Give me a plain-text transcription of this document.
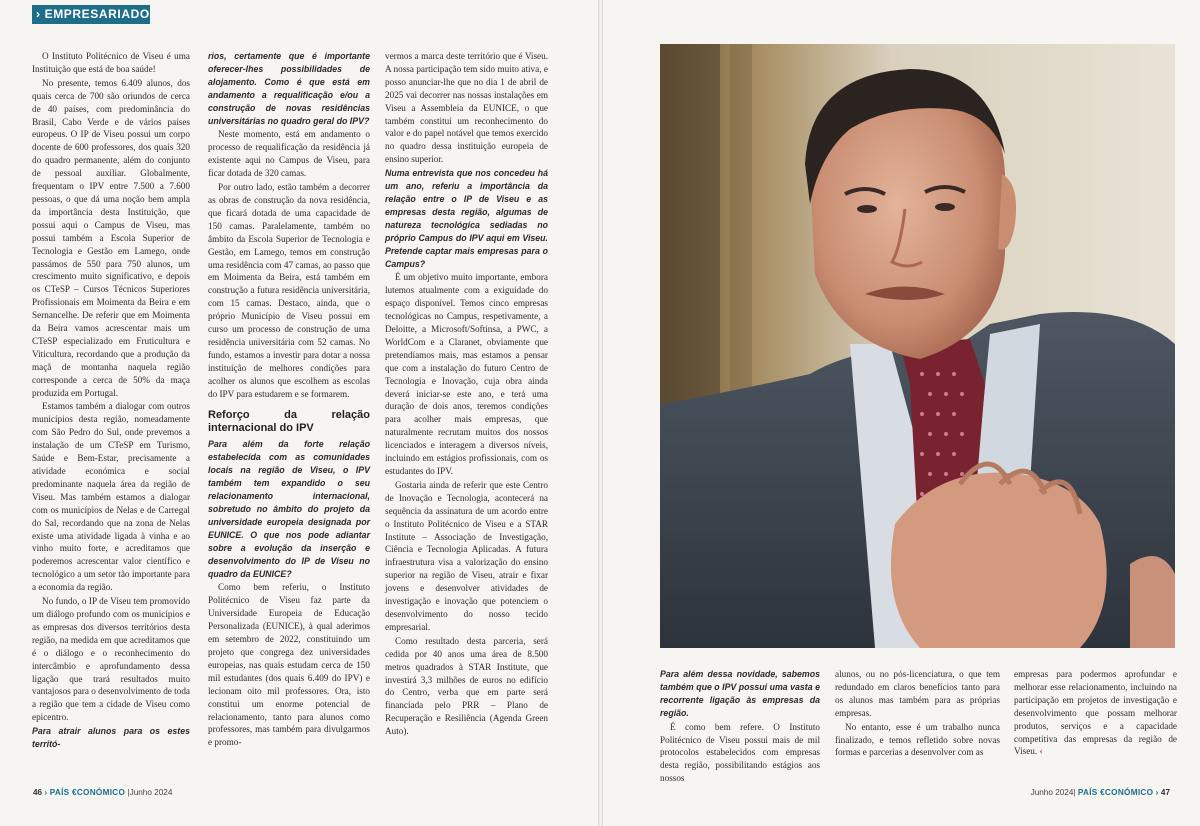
› EMPRESARIADO

O Instituto Politécnico de Viseu é uma Instituição que está de boa saúde!

No presente, temos 6.409 alunos, dos quais cerca de 700 são oriundos de cerca de 40 países, com predominância do Brasil, Cabo Verde e de vários países europeus. O IP de Viseu possui um corpo docente de 600 professores, dos quais 320 do quadro permanente, além do conjunto de pessoal auxiliar. Globalmente, frequentam o IPV entre 7.500 a 7.600 pessoas, o que dá uma noção bem ampla da importância desta Instituição, que possui aqui o Campus de Viseu, mas possui também a Escola Superior de Tecnologia e Gestão em Lamego, onde passámos de 550 para 750 alunos, um crescimento muito significativo, e depois os CTeSP – Cursos Técnicos Superiores Profissionais em Moimenta da Beira e em Sernancelhe. De referir que em Moimenta da Beira vamos acrescentar mais um CTeSP especializado em Fruticultura e Viticultura, recordando que a produção da maçã de montanha naquela região corresponde a cerca de 50% da maça produzida em Portugal.

Estamos também a dialogar com outros municípios desta região, nomeadamente com São Pedro do Sul, onde prevemos a instalação de um CTeSP em Turismo, Saúde e Bem-Estar, precisamente a atividade económica e social predominante naquela área da região de Viseu. Mas também estamos a dialogar com os municípios de Nelas e de Carregal do Sal, recordando que na zona de Nelas existe uma atividade ligada à vinha e ao vinho muito forte, e acreditamos que poderemos acrescentar valor científico e tecnológico a um setor tão importante para a economia da região.

No fundo, o IP de Viseu tem promovido um diálogo profundo com os municípios e as empresas dos diversos territórios desta região, na medida em que acreditamos que é o diálogo e o reconhecimento do intercâmbio e aprofundamento dessa ligação que trará resultados muito vantajosos para o desenvolvimento de toda a região que tem a cidade de Viseu como epicentro.

Para atrair alunos para os estes territó-

rios, certamente que é importante oferecer-lhes possibilidades de alojamento. Como é que está em andamento a requalificação e/ou a construção de novas residências universitárias no quadro geral do IPV?

Neste momento, está em andamento o processo de requalificação da residência já existente aqui no Campus de Viseu, para ficar dotada de 320 camas.

Por outro lado, estão também a decorrer as obras de construção da nova residência, que ficará dotada de uma capacidade de 150 camas. Paralelamente, também no âmbito da Escola Superior de Tecnologia e Gestão, em Lamego, temos em construção uma residência com 47 camas, ao passo que em Moimenta da Beira, está também em construção a futura residência universitária, com 15 camas. Destaco, ainda, que o próprio Município de Viseu possui em curso um processo de construção de uma residência universitária com 52 camas. No fundo, estamos a investir para dotar a nossa instituição de melhores condições para acolher os alunos que escolhem as escolas do IPV para estudarem e se formarem.

Reforço da relação internacional do IPV

Para além da forte relação estabelecida com as comunidades locais na região de Viseu, o IPV também tem expandido o seu relacionamento internacional, sobretudo no âmbito do projeto da universidade europeia designada por EUNICE. O que nos pode adiantar sobre a evolução da inserção e desenvolvimento do IP de Viseu no quadro da EUNICE?

Como bem referiu, o Instituto Politécnico de Viseu faz parte da Universidade Europeia de Educação Personalizada (EUNICE), à qual aderimos em setembro de 2022, constituindo um projeto que congrega dez universidades europeias, nas quais estudam cerca de 150 mil estudantes (dos quais 6.409 do IPV) e lecionam oito mil professores. Ora, isto constitui um enorme potencial de relacionamento, tanto para alunos como professores, mas também para divulgarmos e promo-

vermos a marca deste território que é Viseu. A nossa participação tem sido muito ativa, e posso anunciar-lhe que no dia 1 de abril de 2025 vai decorrer nas nossas instalações em Viseu a Assembleia da EUNICE, o que também constitui um reconhecimento do valor e do papel notável que temos exercido no quadro dessa instituição europeia de ensino superior.

Numa entrevista que nos concedeu há um ano, referiu a importância da relação entre o IP de Viseu e as empresas desta região, algumas de natureza tecnológica sediadas no próprio Campus do IPV aqui em Viseu. Pretende captar mais empresas para o Campus?

É um objetivo muito importante, embora lutemos atualmente com a exiguidade do espaço disponível. Temos cinco empresas tecnológicas no Campus, respetivamente, a Deloitte, a Microsoft/Softinsa, a PWC, a WorldCom e a Claranet, obviamente que pretendíamos mais, mas estamos a pensar que com a instalação do futuro Centro de Tecnologia e Inovação, cuja obra ainda deverá iniciar-se este ano, e terá uma duração de dois anos, teremos condições para acolher mais empresas, que naturalmente recrutam muitos dos nossos licenciados e interagem a diversos níveis, incluindo em estágios profissionais, com os estudantes do IPV.

Gostaria ainda de referir que este Centro de Inovação e Tecnologia, acontecerá na sequência da assinatura de um acordo entre o Instituto Politécnico de Viseu e a STAR Institute – Associação de Investigação, Ciência e Tecnologia Aplicadas. A futura infraestrutura visa a valorização do ensino superior na região de Viseu, atrair e fixar jovens e desenvolver atividades de investigação e inovação que potenciem o desenvolvimento do nosso tecido empresarial.

Como resultado desta parceria, será cedida por 40 anos uma área de 8.500 metros quadrados à STAR Institute, que investirá 3,3 milhões de euros no edifício do Centro, verba que em parte será financiada pelo PRR – Plano de Recuperação e Resiliência (Agenda Green Auto).

46 › PAÍS €CONÓMICO |Junho 2024

Para além dessa novidade, sabemos também que o IPV possui uma vasta e recorrente ligação às empresas da região.

É como bem refere. O Instituto Politécnico de Viseu possui mais de mil protocolos estabelecidos com empresas desta região, possibilitando estágios aos nossos

alunos, ou no pós-licenciatura, o que tem redundado em claros benefícios tanto para os alunos mas também para as próprias empresas.

No entanto, esse é um trabalho nunca finalizado, e temos refletido sobre novas formas e parcerias a desenvolver com as

empresas para podermos aprofundar e melhorar esse relacionamento, incluindo na participação em projetos de investigação e desenvolvimento que possam melhorar produtos, serviços e a capacidade competitiva das empresas da região de Viseu. ‹

Junho 2024| PAÍS €CONÓMICO › 47
